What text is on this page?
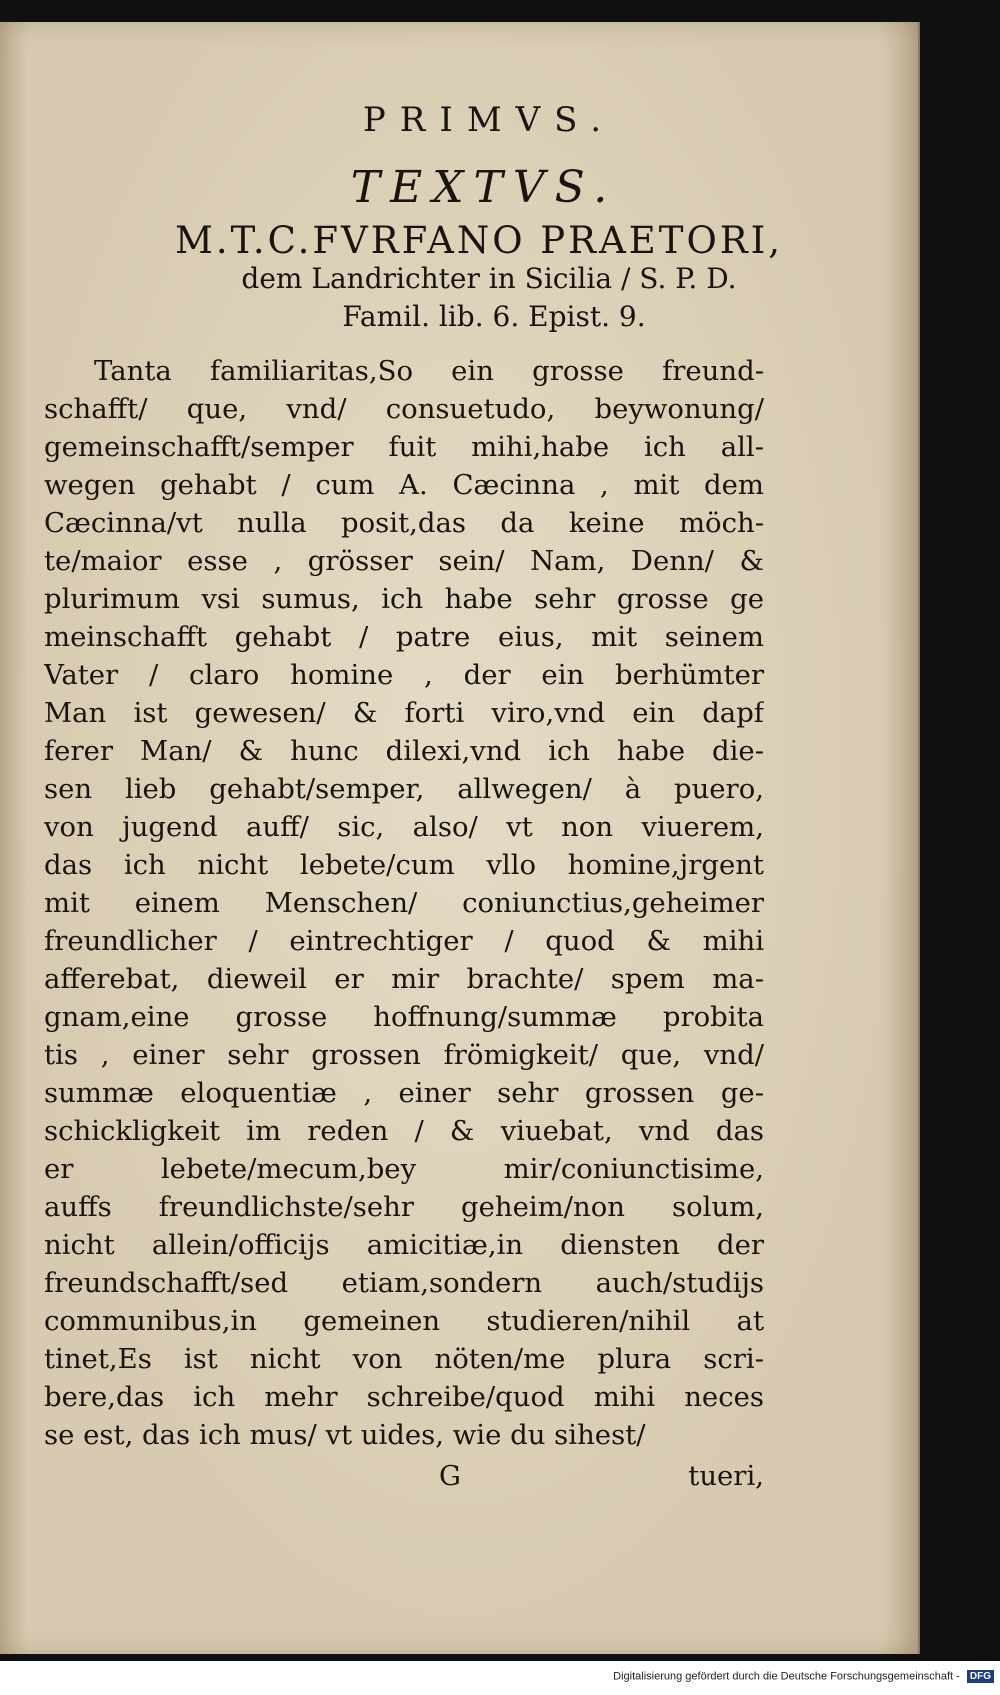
PRIMVS.
TEXTVS.
M.T.C.FVRFANO PRAETORI,
dem Landrichter in Sicilia / S. P. D.
Famil. lib. 6. Epist. 9.
Tanta familiaritas,So ein grosse freund-
schafft/ que, vnd/ consuetudo, beywonung/
gemeinschafft/semper fuit mihi,habe ich all-
wegen gehabt / cum A. Cæcinna , mit dem
Cæcinna/vt nulla posit,das da keine möch-
te/maior esse , grösser sein/ Nam, Denn/ &
plurimum vsi sumus, ich habe sehr grosse ge
meinschafft gehabt / patre eius, mit seinem
Vater / claro homine , der ein berhümter
Man ist gewesen/ & forti viro,vnd ein dapf
ferer Man/ & hunc dilexi,vnd ich habe die-
sen lieb gehabt/semper, allwegen/ à puero,
von jugend auff/ sic, also/ vt non viuerem,
das ich nicht lebete/cum vllo homine,jrgent
mit einem Menschen/ coniunctius,geheimer
freundlicher / eintrechtiger / quod & mihi
afferebat, dieweil er mir brachte/ spem ma-
gnam,eine grosse hoffnung/summæ probita
tis , einer sehr grossen frömigkeit/ que, vnd/
summæ eloquentiæ , einer sehr grossen ge-
schickligkeit im reden / & viuebat, vnd das
er lebete/mecum,bey mir/coniunctisime,
auffs freundlichste/sehr geheim/non solum,
nicht allein/officijs amicitiæ,in diensten der
freundschafft/sed etiam,sondern auch/studijs
communibus,in gemeinen studieren/nihil at
tinet,Es ist nicht von nöten/me plura scri-
bere,das ich mehr schreibe/quod mihi neces
se est, das ich mus/ vt uides, wie du sihest/
G	tueri,
Digitalisierung gefördert durch die Deutsche Forschungsgemeinschaft - DFG
